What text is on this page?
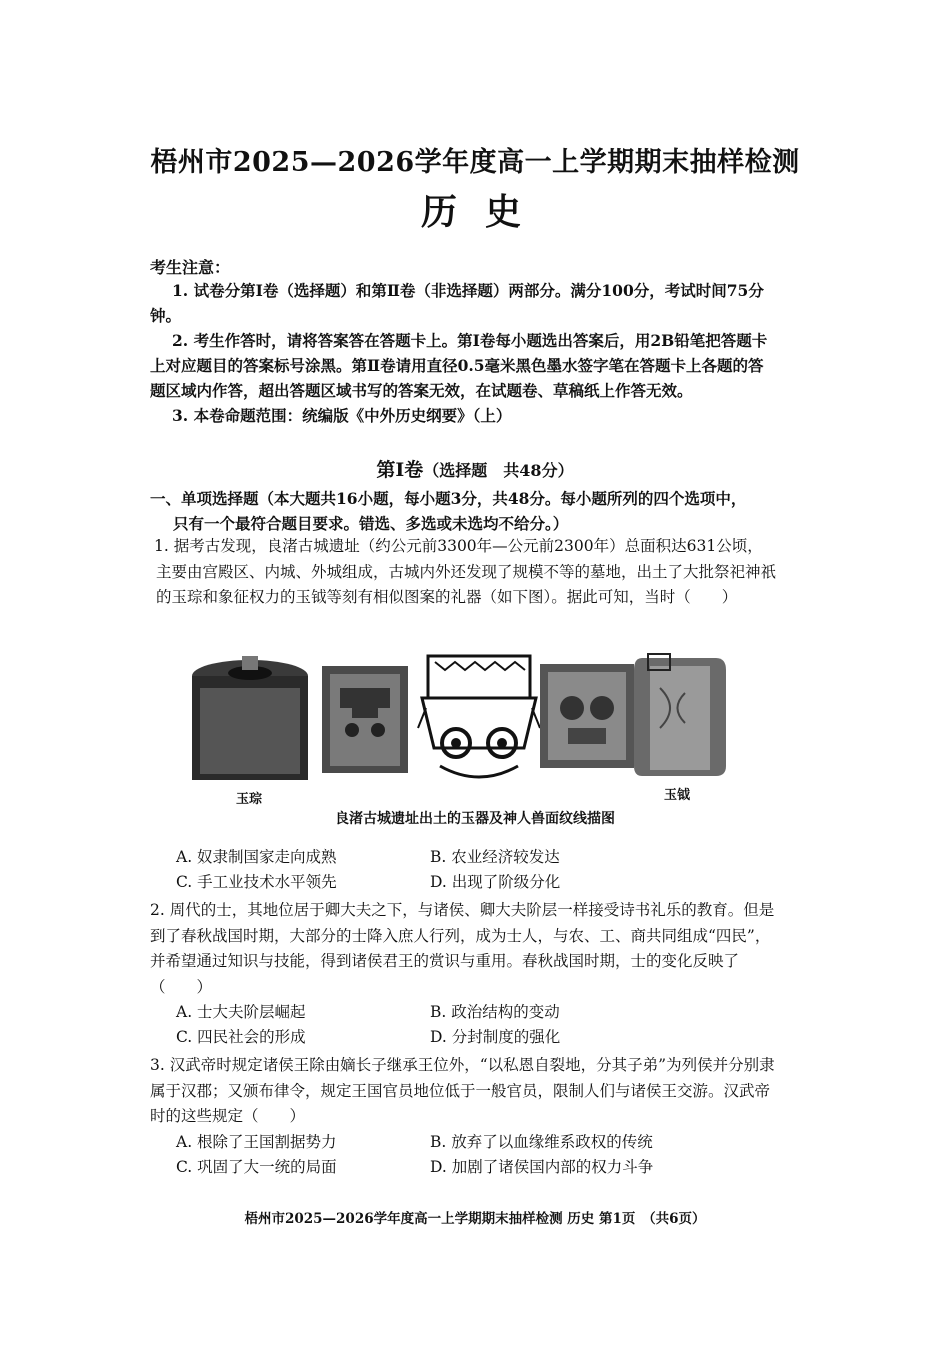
梧州市2025—2026学年度高一上学期期末抽样检测
历史
考生注意：

1. 试卷分第Ⅰ卷（选择题）和第Ⅱ卷（非选择题）两部分。满分100分，考试时间75分钟。

2. 考生作答时，请将答案答在答题卡上。第Ⅰ卷每小题选出答案后，用2B铅笔把答题卡上对应题目的答案标号涂黑。第Ⅱ卷请用直径0.5毫米黑色墨水签字笔在答题卡上各题的答题区域内作答，超出答题区域书写的答案无效，在试题卷、草稿纸上作答无效。

3. 本卷命题范围：统编版《中外历史纲要》（上）

第Ⅰ卷（选择题　共48分）
一、单项选择题（本大题共16小题，每小题3分，共48分。每小题所列的四个选项中，
只有一个最符合题目要求。错选、多选或未选均不给分。）
1. 据考古发现，良渚古城遗址（约公元前3300年—公元前2300年）总面积达631公顷，主要由宫殿区、内城、外城组成，古城内外还发现了规模不等的墓地，出土了大批祭祀神祇的玉琮和象征权力的玉钺等刻有相似图案的礼器（如下图）。据此可知，当时（　　）
玉琮	玉钺
良渚古城遗址出土的玉器及神人兽面纹线描图
A. 奴隶制国家走向成熟	B. 农业经济较发达
C. 手工业技术水平领先	D. 出现了阶级分化
2. 周代的士，其地位居于卿大夫之下，与诸侯、卿大夫阶层一样接受诗书礼乐的教育。但是到了春秋战国时期，大部分的士降入庶人行列，成为士人，与农、工、商共同组成“四民”，并希望通过知识与技能，得到诸侯君王的赏识与重用。春秋战国时期，士的变化反映了（　　）
A. 士大夫阶层崛起	B. 政治结构的变动
C. 四民社会的形成	D. 分封制度的强化
3. 汉武帝时规定诸侯王除由嫡长子继承王位外，“以私恩自裂地，分其子弟”为列侯并分别隶属于汉郡；又颁布律令，规定王国官员地位低于一般官员，限制人们与诸侯王交游。汉武帝时的这些规定（　　）
A. 根除了王国割据势力	B. 放弃了以血缘维系政权的传统
C. 巩固了大一统的局面	D. 加剧了诸侯国内部的权力斗争
梧州市2025—2026学年度高一上学期期末抽样检测 历史 第1页　（共6页）
